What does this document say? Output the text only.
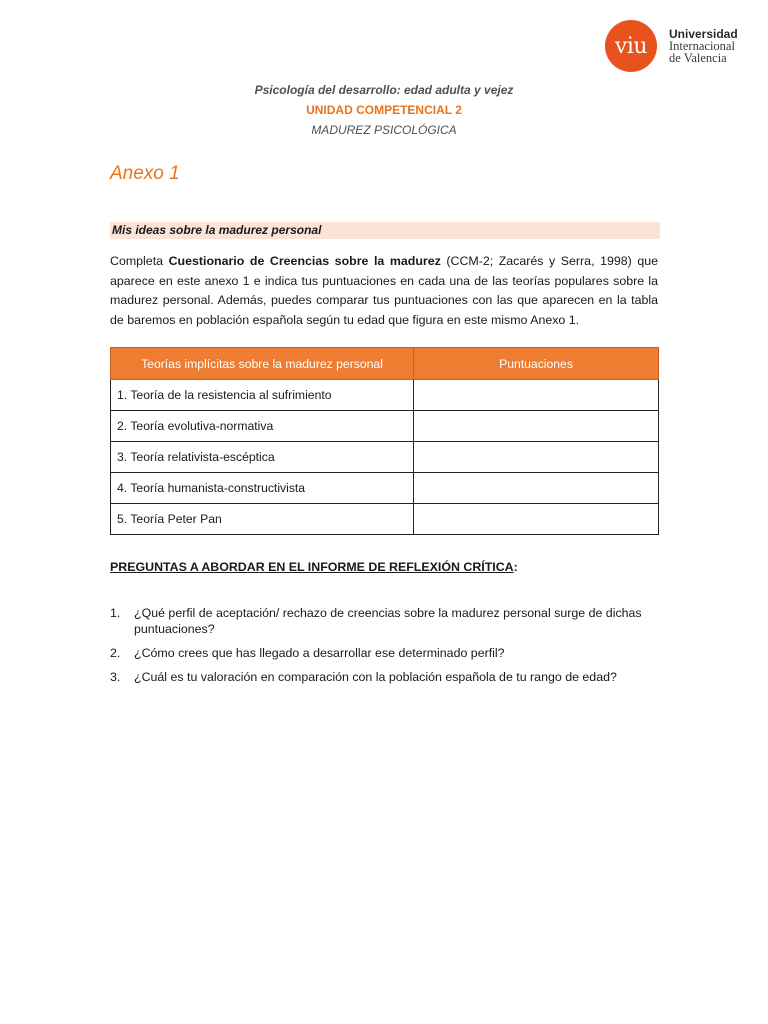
viu	Universidad
Internacional
de Valencia
Psicología del desarrollo: edad adulta y vejez
UNIDAD COMPETENCIAL 2
MADUREZ PSICOLÓGICA
Anexo 1
Mis ideas sobre la madurez personal

Completa Cuestionario de Creencias sobre la madurez (CCM-2; Zacarés y Serra, 1998) que aparece en este anexo 1 e indica tus puntuaciones en cada una de las teorías populares sobre la madurez personal. Además, puedes comparar tus puntuaciones con las que aparecen en la tabla de baremos en población española según tu edad que figura en este mismo Anexo 1.

Teorías implícitas sobre la madurez personal	Puntuaciones
1. Teoría de la resistencia al sufrimiento	
2. Teoría evolutiva-normativa	
3. Teoría relativista-escéptica	
4. Teoría humanista-constructivista	
5. Teoría Peter Pan	
PREGUNTAS A ABORDAR EN EL INFORME DE REFLEXIÓN CRÍTICA:
1. ¿Qué perfil de aceptación/ rechazo de creencias sobre la madurez personal surge de dichas puntuaciones?
2. ¿Cómo crees que has llegado a desarrollar ese determinado perfil?
3. ¿Cuál es tu valoración en comparación con la población española de tu rango de edad?
